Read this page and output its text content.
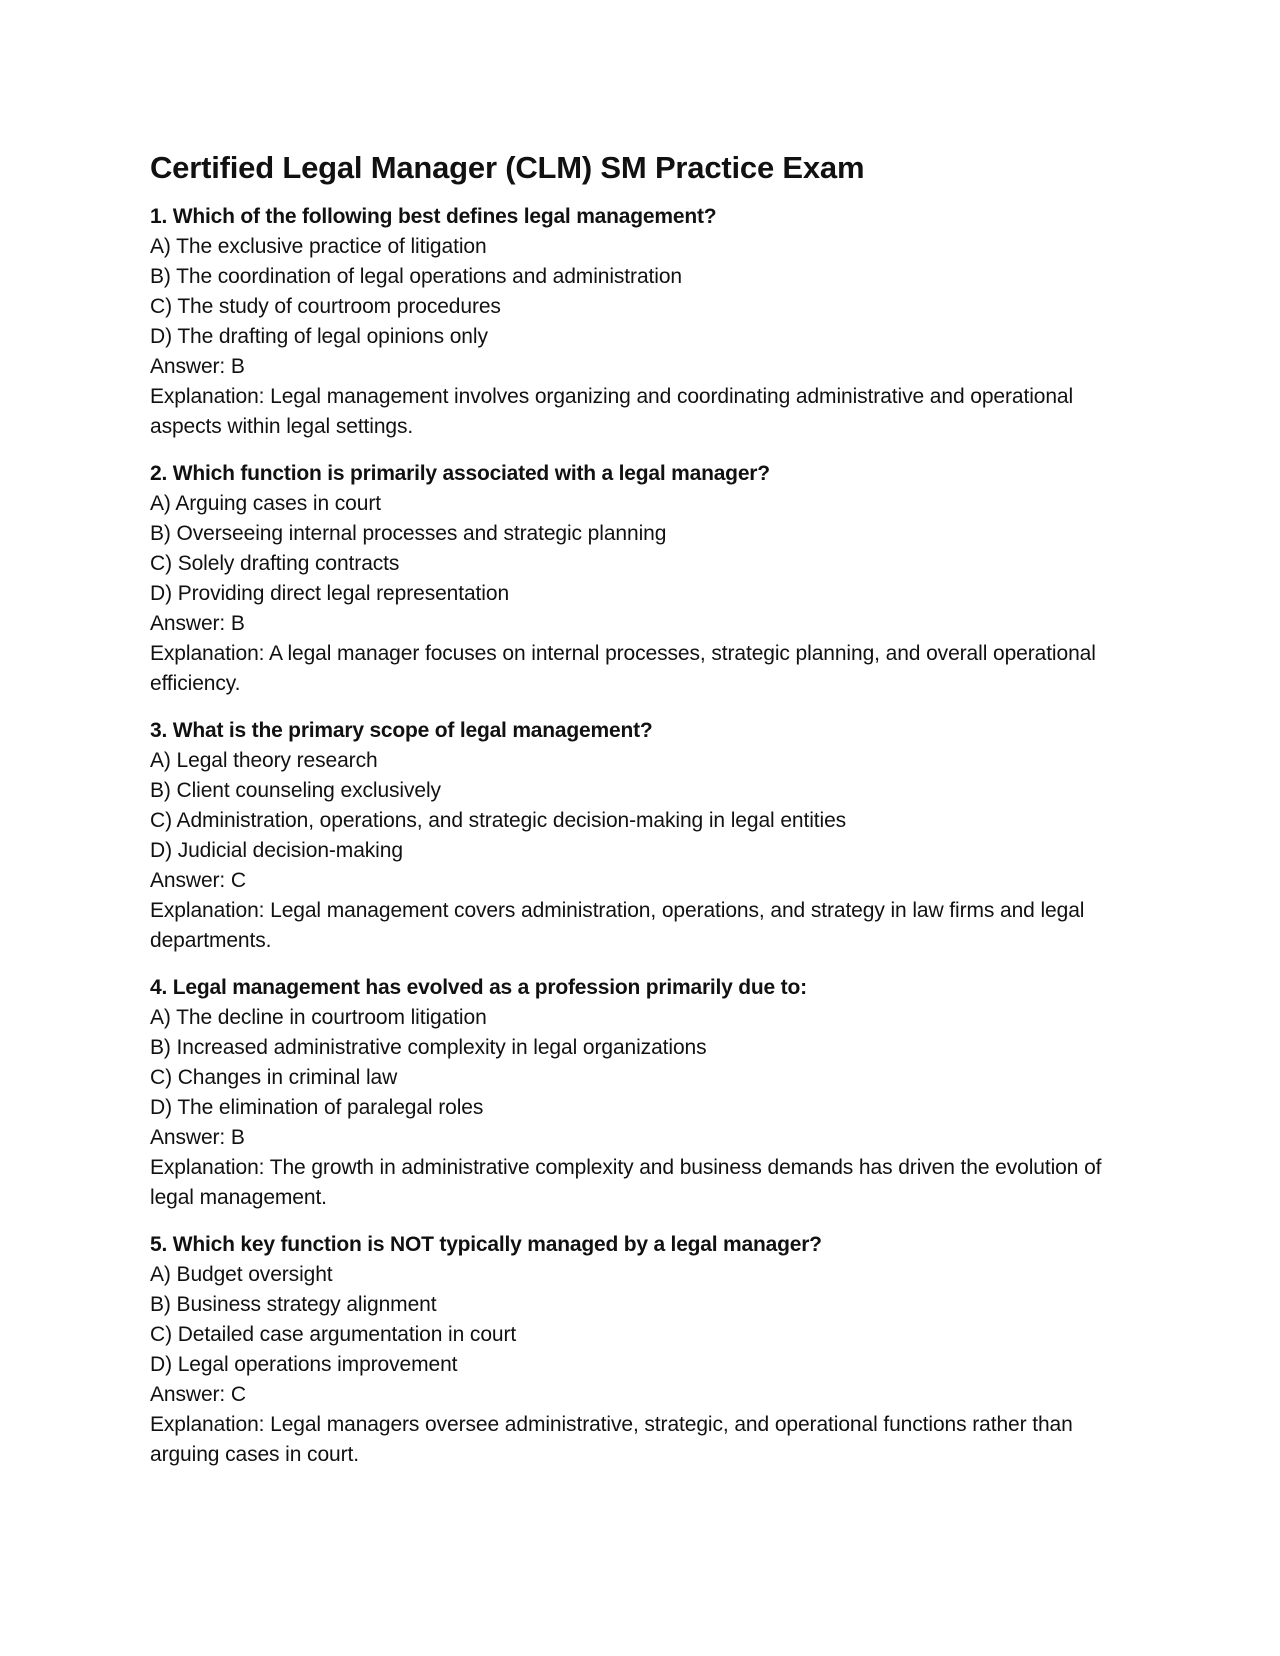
Certified Legal Manager (CLM) SM Practice Exam
1. Which of the following best defines legal management?
A) The exclusive practice of litigation
B) The coordination of legal operations and administration
C) The study of courtroom procedures
D) The drafting of legal opinions only
Answer: B
Explanation: Legal management involves organizing and coordinating administrative and operational aspects within legal settings.
2. Which function is primarily associated with a legal manager?
A) Arguing cases in court
B) Overseeing internal processes and strategic planning
C) Solely drafting contracts
D) Providing direct legal representation
Answer: B
Explanation: A legal manager focuses on internal processes, strategic planning, and overall operational efficiency.
3. What is the primary scope of legal management?
A) Legal theory research
B) Client counseling exclusively
C) Administration, operations, and strategic decision-making in legal entities
D) Judicial decision-making
Answer: C
Explanation: Legal management covers administration, operations, and strategy in law firms and legal departments.
4. Legal management has evolved as a profession primarily due to:
A) The decline in courtroom litigation
B) Increased administrative complexity in legal organizations
C) Changes in criminal law
D) The elimination of paralegal roles
Answer: B
Explanation: The growth in administrative complexity and business demands has driven the evolution of legal management.
5. Which key function is NOT typically managed by a legal manager?
A) Budget oversight
B) Business strategy alignment
C) Detailed case argumentation in court
D) Legal operations improvement
Answer: C
Explanation: Legal managers oversee administrative, strategic, and operational functions rather than arguing cases in court.
